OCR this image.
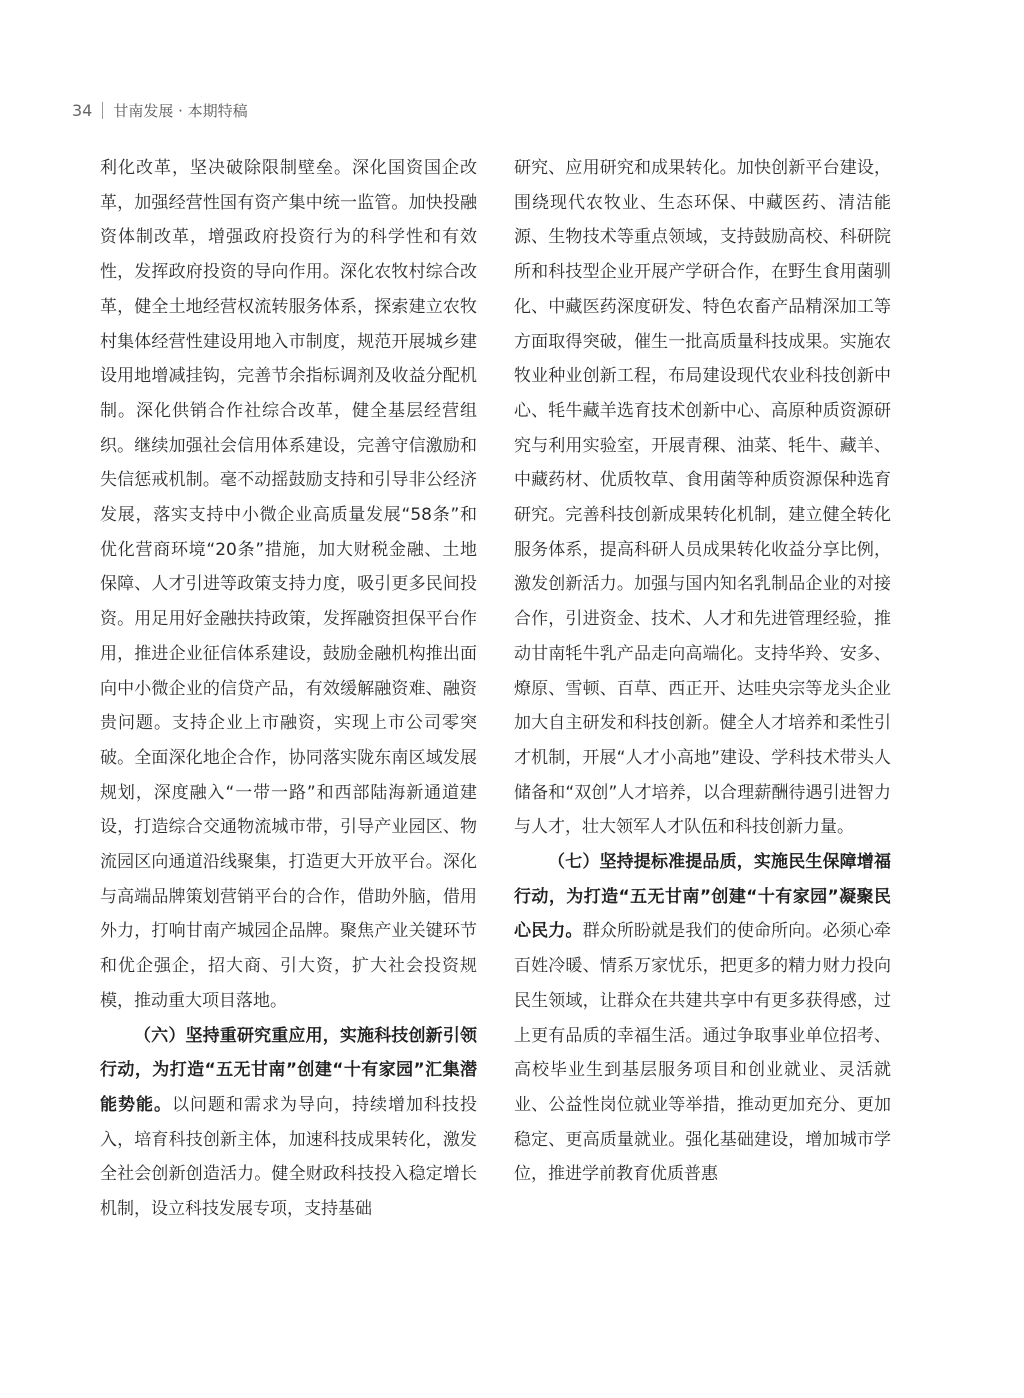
34 甘南发展 · 本期特稿

利化改革，坚决破除限制壁垒。深化国资国企改革，加强经营性国有资产集中统一监管。加快投融资体制改革，增强政府投资行为的科学性和有效性，发挥政府投资的导向作用。深化农牧村综合改革，健全土地经营权流转服务体系，探索建立农牧村集体经营性建设用地入市制度，规范开展城乡建设用地增减挂钩，完善节余指标调剂及收益分配机制。深化供销合作社综合改革，健全基层经营组织。继续加强社会信用体系建设，完善守信激励和失信惩戒机制。毫不动摇鼓励支持和引导非公经济发展，落实支持中小微企业高质量发展“58条”和优化营商环境“20条”措施，加大财税金融、土地保障、人才引进等政策支持力度，吸引更多民间投资。用足用好金融扶持政策，发挥融资担保平台作用，推进企业征信体系建设，鼓励金融机构推出面向中小微企业的信贷产品，有效缓解融资难、融资贵问题。支持企业上市融资，实现上市公司零突破。全面深化地企合作，协同落实陇东南区域发展规划，深度融入“一带一路”和西部陆海新通道建设，打造综合交通物流城市带，引导产业园区、物流园区向通道沿线聚集，打造更大开放平台。深化与高端品牌策划营销平台的合作，借助外脑，借用外力，打响甘南产城园企品牌。聚焦产业关键环节和优企强企，招大商、引大资，扩大社会投资规模，推动重大项目落地。

（六）坚持重研究重应用，实施科技创新引领行动，为打造“五无甘南”创建“十有家园”汇集潜能势能。以问题和需求为导向，持续增加科技投入，培育科技创新主体，加速科技成果转化，激发全社会创新创造活力。健全财政科技投入稳定增长机制，设立科技发展专项，支持基础

研究、应用研究和成果转化。加快创新平台建设，围绕现代农牧业、生态环保、中藏医药、清洁能源、生物技术等重点领域，支持鼓励高校、科研院所和科技型企业开展产学研合作，在野生食用菌驯化、中藏医药深度研发、特色农畜产品精深加工等方面取得突破，催生一批高质量科技成果。实施农牧业种业创新工程，布局建设现代农业科技创新中心、牦牛藏羊选育技术创新中心、高原种质资源研究与利用实验室，开展青稞、油菜、牦牛、藏羊、中藏药材、优质牧草、食用菌等种质资源保种选育研究。完善科技创新成果转化机制，建立健全转化服务体系，提高科研人员成果转化收益分享比例，激发创新活力。加强与国内知名乳制品企业的对接合作，引进资金、技术、人才和先进管理经验，推动甘南牦牛乳产品走向高端化。支持华羚、安多、燎原、雪顿、百草、西正开、达哇央宗等龙头企业加大自主研发和科技创新。健全人才培养和柔性引才机制，开展“人才小高地”建设、学科技术带头人储备和“双创”人才培养，以合理薪酬待遇引进智力与人才，壮大领军人才队伍和科技创新力量。

（七）坚持提标准提品质，实施民生保障增福行动，为打造“五无甘南”创建“十有家园”凝聚民心民力。群众所盼就是我们的使命所向。必须心牵百姓冷暖、情系万家忧乐，把更多的精力财力投向民生领域，让群众在共建共享中有更多获得感，过上更有品质的幸福生活。通过争取事业单位招考、高校毕业生到基层服务项目和创业就业、灵活就业、公益性岗位就业等举措，推动更加充分、更加稳定、更高质量就业。强化基础建设，增加城市学位，推进学前教育优质普惠
